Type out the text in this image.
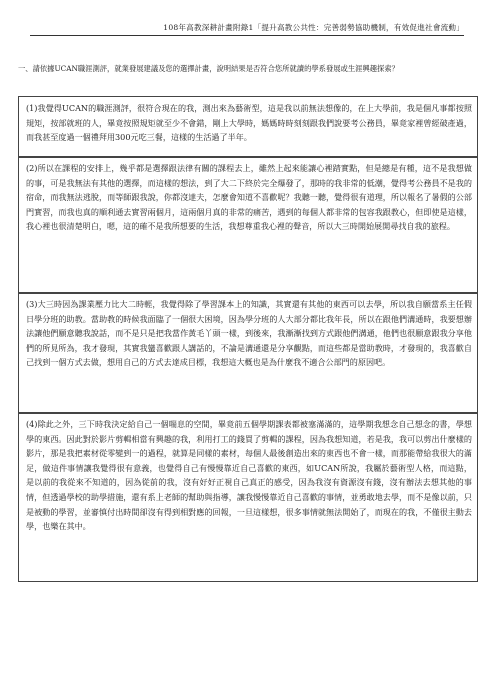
108年高教深耕計畫附錄1「提升高教公共性：完善弱勢協助機制，有效促進社會流動」
一、請依據UCAN職涯測評，就業發展建議及您的選擇計畫，說明結果是否符合您所就讀的學系發展或生涯興趣探索？
(1)我覺得UCAN的職涯測評，很符合現在的我，測出來為藝術型，這是我以前無法想像的，在上大學前，我是個凡事都按照規矩，按部就班的人，畢竟按照規矩就至少不會錯，剛上大學時，媽媽時時刻刻跟我們說要考公務員，畢竟家裡曾經破產過，而我甚至度過一個禮拜用300元吃三餐，這樣的生活過了半年。
(2)所以在課程的安排上，幾乎都是選擇跟法律有關的課程去上，雖然上起來能讓心裡踏實點，但是總是有種，這不是我想做的事，可是我無法有其他的選擇，而這樣的想法，到了大二下終於完全爆發了，那時的我非常的低潮，覺得考公務員不是我的宿命，而我無法逃脫，而等師跟我說，你都沒達夫，怎麼會知道不喜歡呢？我聽一聽，覺得很有道理，所以報名了暑假的公部門實習，而我也真的順利通去實習兩個月，這兩個月真的非常的痛苦，遇到的每個人都非常的包容我跟教心，但即使是這樣，我心裡也很清楚明白，嗯，這的確不是我所想要的生活，我想尊重我心裡的聲音，所以大三時開始展開尋找自我的旅程。
(3)大三時因為課業壓力比大二時輕，我覺得除了學習課本上的知識，其實還有其他的東西可以去學，所以我自願當系主任假日學分班的助教。當助教的時候我面臨了一個很大困境，因為學分班的人大部分都比我年長，所以在跟他們溝通時，我要想辦法讓他們願意聽我說話，而不是只是把我當作黃毛丫頭一樣，到後來，我漸漸找到方式跟他們溝通，他們也很願意跟我分享他們的所見所為，我才發現，其實我蠻喜歡跟人講話的，不論是溝通還是分享觀點，而這些都是當助教時，才發現的，我喜歡自己找到一個方式去做，想用自己的方式去達成目標，我想這大概也是為什麼我不適合公部門的原因吧。
(4)除此之外，三下時我決定給自己一個喘息的空間，畢竟前五個學期課表都被塞滿滿的，這學期我想念自己想念的書，學想學的東西。因此對於影片剪輯相當有興趣的我，利用打工的錢買了剪輯的課程，因為我想知道，若是我，我可以剪出什麼樣的影片，那是我把素材從零變到一的過程，就算是同樣的素材，每個人最後創造出來的東西也不會一樣，而那能帶給我很大的滿足，做這件事情讓我覺得很有意義，也覺得自己有慢慢靠近自己喜歡的東西，如UCAN所說，我屬於藝術型人格，而這點，是以前的我從來不知道的，因為從前的我，沒有好好正視自己真正的感受，因為我沒有資源沒有錢，沒有辦法去想其他的事情，但透過學校的助學措施，還有系上老師的幫助與指導，讓我慢慢靠近自己喜歡的事情，並勇敢地去學，而不是像以前，只是被動的學習，並審慎付出時間卻沒有得到相對應的回報，一旦這樣想，很多事情就無法開始了，而現在的我，不僅很主動去學，也樂在其中。
